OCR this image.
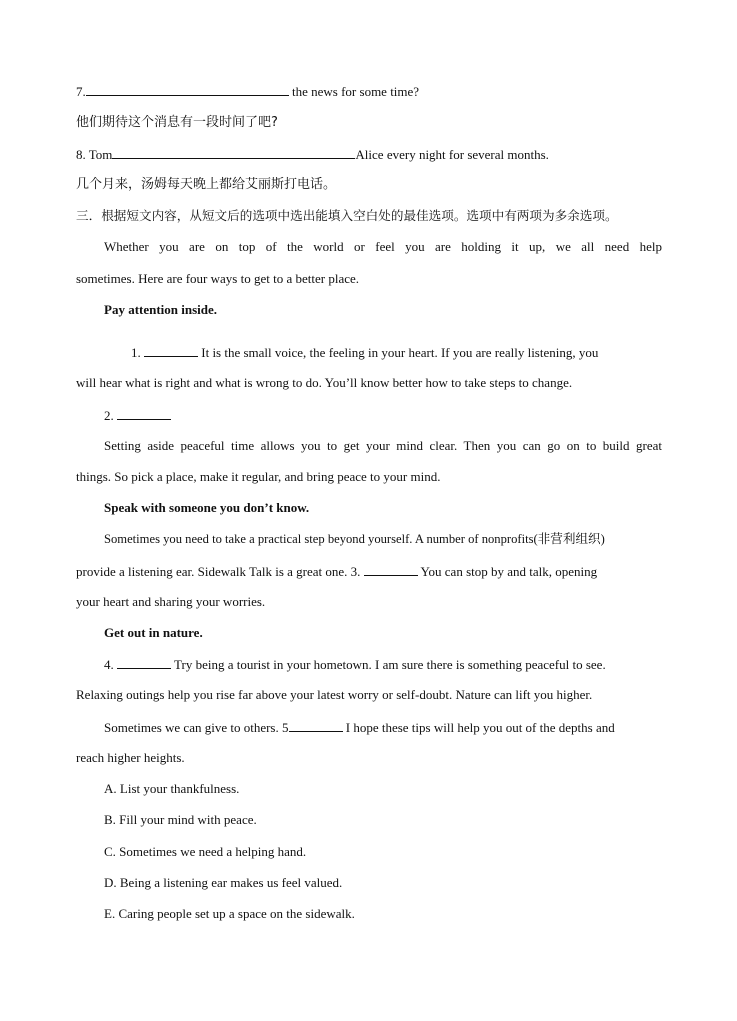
7.	the news for some time?
他们期待这个消息有一段时间了吧?
8. Tom	Alice every night for several months.
几个月来，汤姆每天晚上都给艾丽斯打电话。
三．根据短文内容，从短文后的选项中选出能填入空白处的最佳选项。选项中有两项为多余选项。
Whether you are on top of the world or feel you are holding it up, we all need help
sometimes. Here are four ways to get to a better place.
Pay attention inside.
1.	It is the small voice, the feeling in your heart. If you are really listening, you
will hear what is right and what is wrong to do. You’ll know better how to take steps to change.
2.
Setting aside peaceful time allows you to get your mind clear. Then you can go on to build great
things. So pick a place, make it regular, and bring peace to your mind.
Speak with someone you don’t know.
Sometimes you need to take a practical step beyond yourself. A number of nonprofits(非营利组织)
provide a listening ear. Sidewalk Talk is a great one. 3.	You can stop by and talk, opening
your heart and sharing your worries.
Get out in nature.
4.	Try being a tourist in your hometown. I am sure there is something peaceful to see.
Relaxing outings help you rise far above your latest worry or self-doubt. Nature can lift you higher.
Sometimes we can give to others. 5	I hope these tips will help you out of the depths and
reach higher heights.
A. List your thankfulness.
B. Fill your mind with peace.
C. Sometimes we need a helping hand.
D. Being a listening ear makes us feel valued.
E. Caring people set up a space on the sidewalk.
